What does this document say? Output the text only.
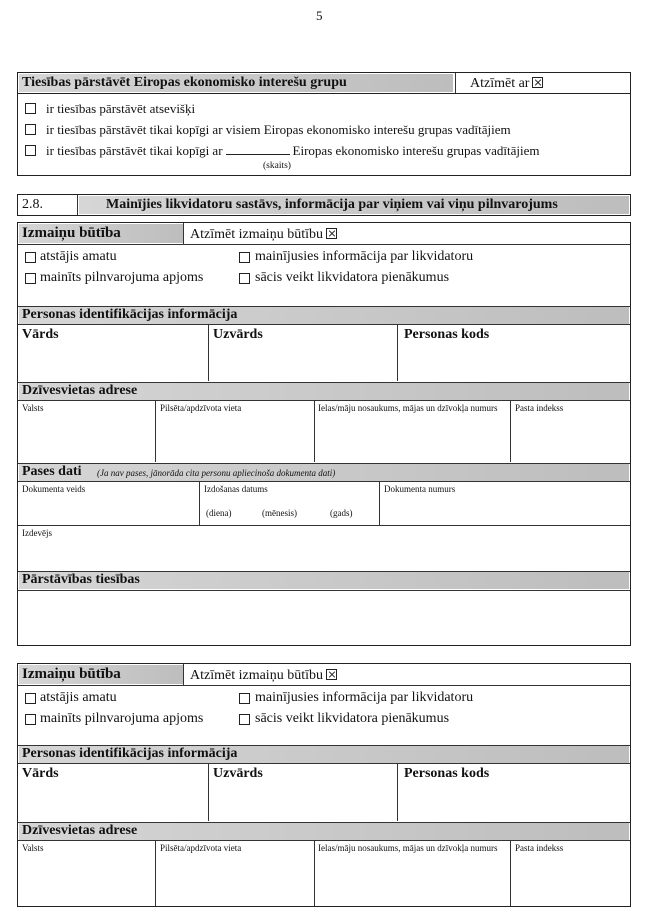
5
Tiesības pārstāvēt Eiropas ekonomisko interešu grupu	Atzīmēt ar
ir tiesības pārstāvēt atsevišķi
ir tiesības pārstāvēt tikai kopīgi ar visiem Eiropas ekonomisko interešu grupas vadītājiem
ir tiesības pārstāvēt tikai kopīgi ar	Eiropas ekonomisko interešu grupas vadītājiem
(skaits)
2.8.	Mainījies likvidatoru sastāvs, informācija par viņiem vai viņu pilnvarojums
Izmaiņu būtība	Atzīmēt izmaiņu būtību
atstājis amatu
mainīts pilnvarojuma apjoms
mainījusies informācija par likvidatoru
sācis veikt likvidatora pienākumus
Personas identifikācijas informācija
Vārds	Uzvārds	Personas kods
Dzīvesvietas adrese
Valsts	Pilsēta/apdzīvota vieta	Ielas/māju nosaukums, mājas un dzīvokļa numurs	Pasta indekss
Pases dati (Ja nav pases, jānorāda cita personu apliecinoša dokumenta dati)
Dokumenta veids	Izdošanas datums	Dokumenta numurs
(diena)	(mēnesis)	(gads)
Izdevējs
Pārstāvības tiesības
Izmaiņu būtība	Atzīmēt izmaiņu būtību
atstājis amatu
mainīts pilnvarojuma apjoms
mainījusies informācija par likvidatoru
sācis veikt likvidatora pienākumus
Personas identifikācijas informācija
Vārds	Uzvārds	Personas kods
Dzīvesvietas adrese
Valsts	Pilsēta/apdzīvota vieta	Ielas/māju nosaukums, mājas un dzīvokļa numurs	Pasta indekss
